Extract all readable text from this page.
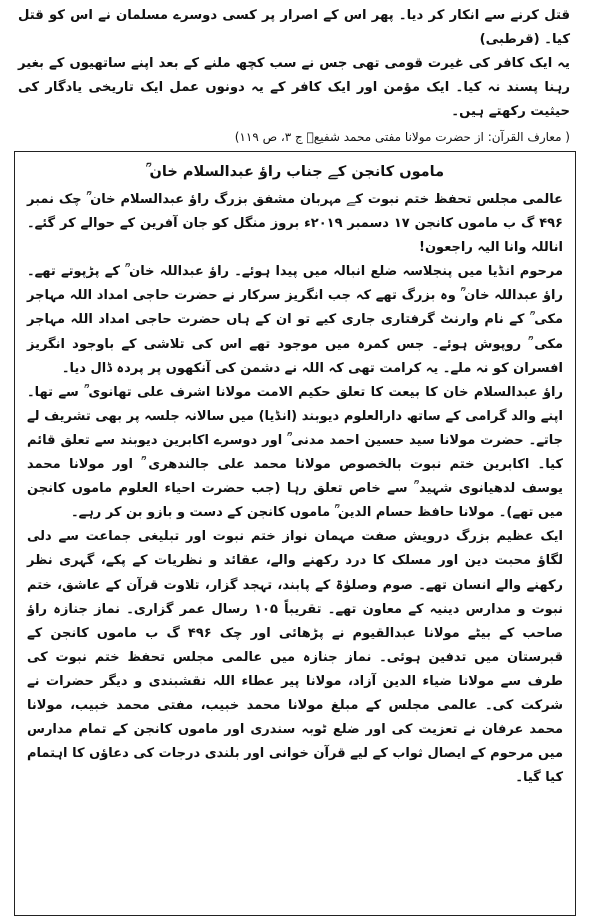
قتل کرنے سے انکار کر دیا۔ پھر اس کے اصرار پر کسی دوسرے مسلمان نے اس کو قتل کیا۔ (قرطبی)

یہ ایک کافر کی غیرت قومی تھی جس نے سب کچھ ملنے کے بعد اپنے ساتھیوں کے بغیر رہنا پسند نہ کیا۔ ایک مؤمن اور ایک کافر کے یہ دونوں عمل ایک تاریخی یادگار کی حیثیت رکھتے ہیں۔

( معارف القرآن: از حضرت مولانا مفتی محمد شفیعؒ ج ۳، ص ۱۱۹)

ماموں کانجن کے جناب راؤ عبدالسلام خان ؒ

عالمی مجلس تحفظ ختم نبوت کے مہربان مشفق بزرگ راؤ عبدالسلام خان ؒ چک نمبر ۴۹۶ گ ب ماموں کانجن ۱۷ دسمبر ۲۰۱۹ء بروز منگل کو جان آفرین کے حوالے کر گئے۔ اناللہ وانا الیہ راجعون!

مرحوم انڈیا میں پنجلاسہ ضلع انبالہ میں پیدا ہوئے۔ راؤ عبداللہ خان ؒ کے پڑپوتے تھے۔ راؤ عبداللہ خان ؒ وہ بزرگ تھے کہ جب انگریز سرکار نے حضرت حاجی امداد اللہ مہاجر مکی ؒ کے نام وارنٹ گرفتاری جاری کیے تو ان کے ہاں حضرت حاجی امداد اللہ مہاجر مکی ؒ روپوش ہوئے۔ جس کمرہ میں موجود تھے اس کی تلاشی کے باوجود انگریز افسران کو نہ ملے۔ یہ کرامت تھی کہ اللہ نے دشمن کی آنکھوں پر پردہ ڈال دیا۔

راؤ عبدالسلام خان کا بیعت کا تعلق حکیم الامت مولانا اشرف علی تھانوی ؒ سے تھا۔ اپنے والد گرامی کے ساتھ دارالعلوم دیوبند (انڈیا) میں سالانہ جلسہ پر بھی تشریف لے جاتے۔ حضرت مولانا سید حسین احمد مدنی ؒ اور دوسرے اکابرین دیوبند سے تعلق قائم کیا۔ اکابرین ختم نبوت بالخصوص مولانا محمد علی جالندھری ؒ اور مولانا محمد یوسف لدھیانوی شہید ؒ سے خاص تعلق رہا (جب حضرت احیاء العلوم ماموں کانجن میں تھے)۔ مولانا حافظ حسام الدین ؒ ماموں کانجن کے دست و بازو بن کر رہے۔

ایک عظیم بزرگ درویش صفت مہمان نواز ختم نبوت اور تبلیغی جماعت سے دلی لگاؤ محبت دین اور مسلک کا درد رکھنے والے، عقائد و نظریات کے پکے، گہری نظر رکھنے والے انسان تھے۔ صوم وصلوٰۃ کے پابند، تہجد گزار، تلاوت قرآن کے عاشق، ختم نبوت و مدارس دینیہ کے معاون تھے۔ تقریباً ۱۰۵ رسال عمر گزاری۔ نماز جنازہ راؤ صاحب کے بیٹے مولانا عبدالقیوم نے پڑھائی اور چک ۴۹۶ گ ب ماموں کانجن کے قبرستان میں تدفین ہوئی۔ نماز جنازہ میں عالمی مجلس تحفظ ختم نبوت کی طرف سے مولانا ضیاء الدین آزاد، مولانا پیر عطاء اللہ نقشبندی و دیگر حضرات نے شرکت کی۔ عالمی مجلس کے مبلغ مولانا محمد خبیب، مفتی محمد خبیب، مولانا محمد عرفان نے تعزیت کی اور ضلع ٹوبہ سندری اور ماموں کانجن کے تمام مدارس میں مرحوم کے ایصال ثواب کے لیے قرآن خوانی اور بلندی درجات کی دعاؤں کا اہتمام کیا گیا۔
